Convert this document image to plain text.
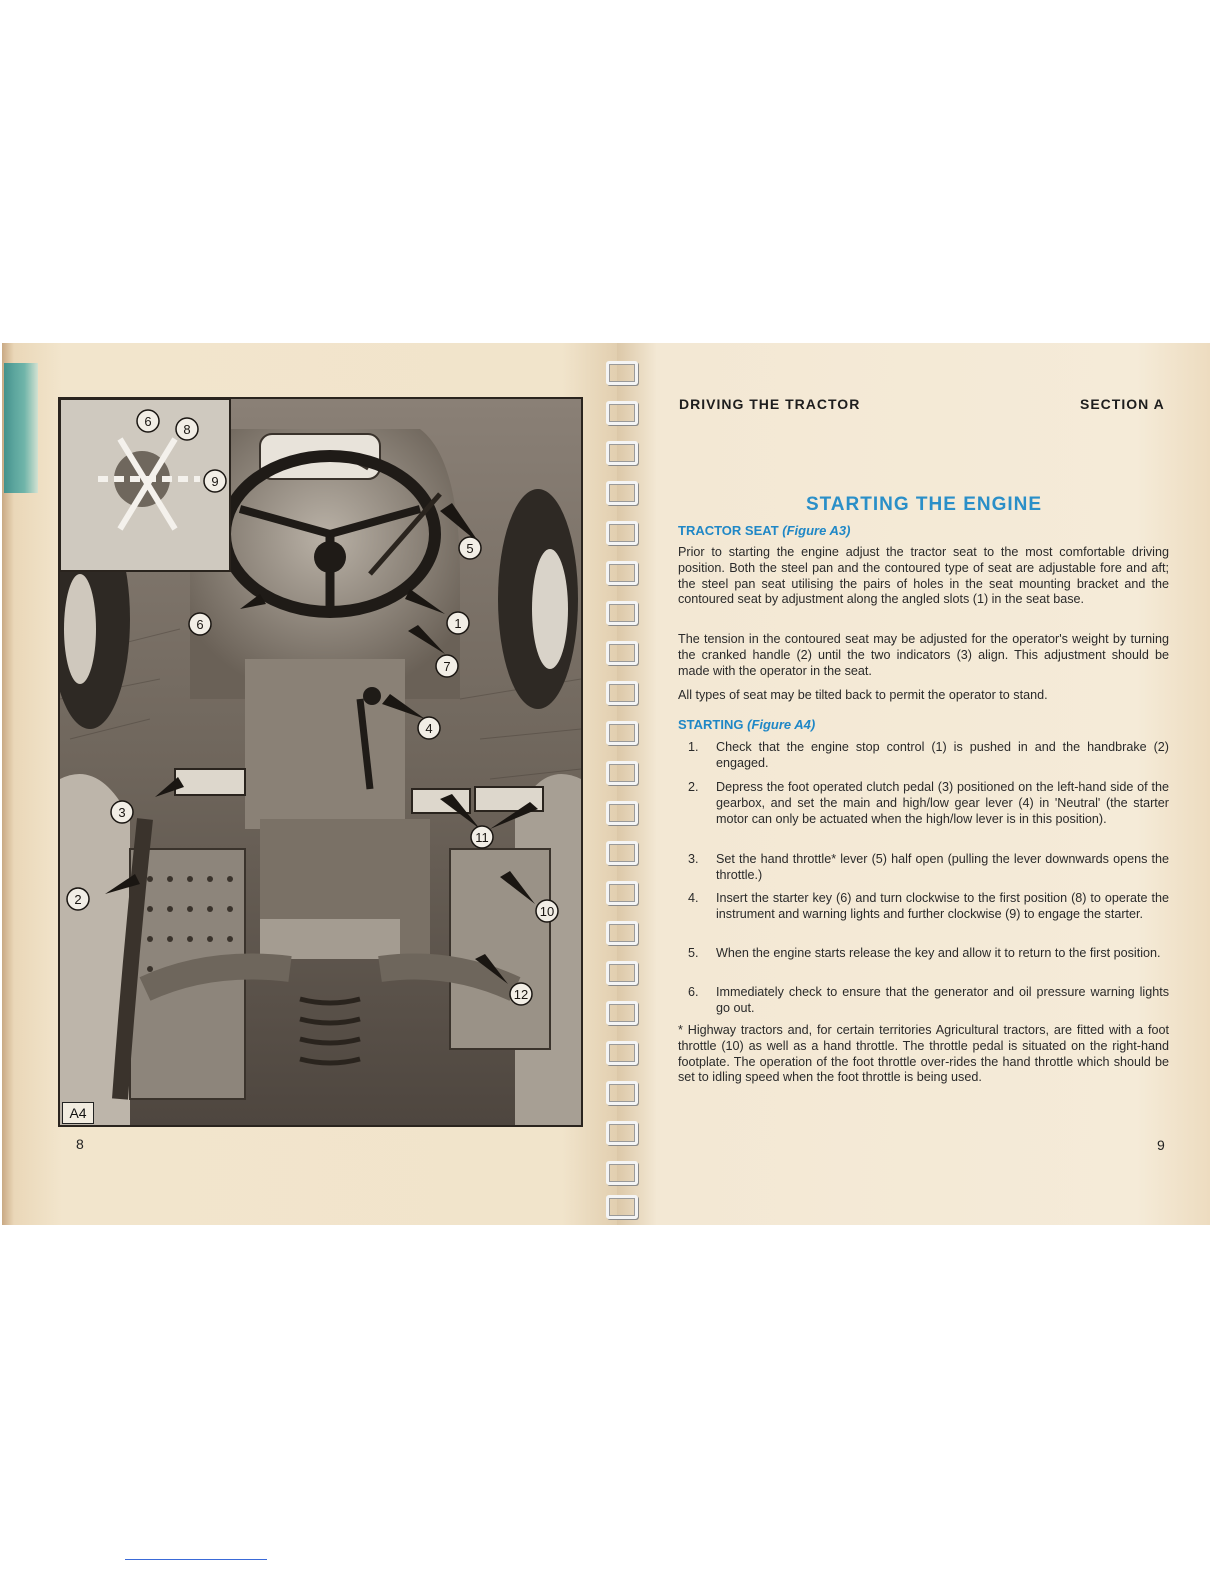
6
8
9
5
6	1
7
4
3
11
2
10
12
A4
8
DRIVING THE TRACTOR	SECTION A
STARTING THE ENGINE
TRACTOR SEAT (Figure A3)
Prior to starting the engine adjust the tractor seat to the most comfortable driving position. Both the steel pan and the contoured type of seat are adjustable fore and aft; the steel pan seat utilising the pairs of holes in the seat mounting bracket and the contoured seat by adjustment along the angled slots (1) in the seat base.
The tension in the contoured seat may be adjusted for the operator's weight by turning the cranked handle (2) until the two indicators (3) align. This adjustment should be made with the operator in the seat.
All types of seat may be tilted back to permit the operator to stand.
STARTING (Figure A4)
1.	Check that the engine stop control (1) is pushed in and the handbrake (2) engaged.
2.	Depress the foot operated clutch pedal (3) positioned on the left-hand side of the gearbox, and set the main and high/low gear lever (4) in 'Neutral' (the starter motor can only be actuated when the high/low lever is in this position).
3.	Set the hand throttle* lever (5) half open (pulling the lever downwards opens the throttle.)
4.	Insert the starter key (6) and turn clockwise to the first position (8) to operate the instrument and warning lights and further clockwise (9) to engage the starter.
5.	When the engine starts release the key and allow it to return to the first position.
6.	Immediately check to ensure that the generator and oil pressure warning lights go out.
* Highway tractors and, for certain territories Agricultural tractors, are fitted with a foot throttle (10) as well as a hand throttle. The throttle pedal is situated on the right-hand footplate. The operation of the foot throttle over-rides the hand throttle which should be set to idling speed when the foot throttle is being used.
9
